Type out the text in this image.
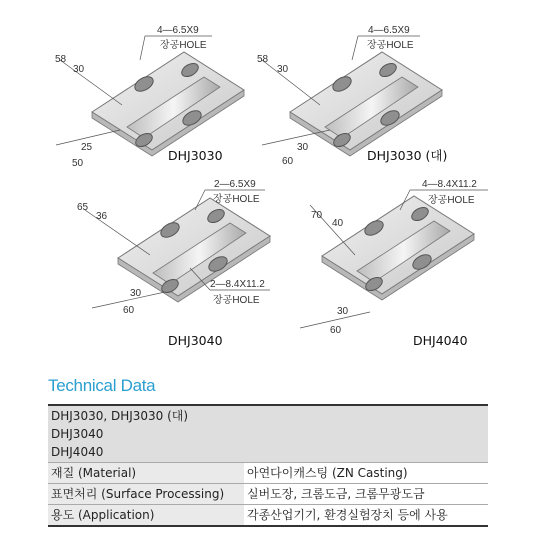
4—6.5X9
장공HOLE
58
30
25
50
DHJ3030
4—6.5X9
장공HOLE
58
30
30
60	DHJ3030 (대)
2—6.5X9
장공HOLE
2—8.4X11.2
장공HOLE
65
36
30
60
DHJ3040
4—8.4X11.2
장공HOLE
70
40
30
60
DHJ4040
Technical Data
DHJ3030, DHJ3030 (대)
DHJ3040
DHJ4040	

재질 (Material)	아연다이캐스팅 (ZN Casting)
표면처리 (Surface Processing)	실버도장, 크롬도금, 크롬무광도금
용도 (Application)	각종산업기기, 환경실험장치 등에 사용
